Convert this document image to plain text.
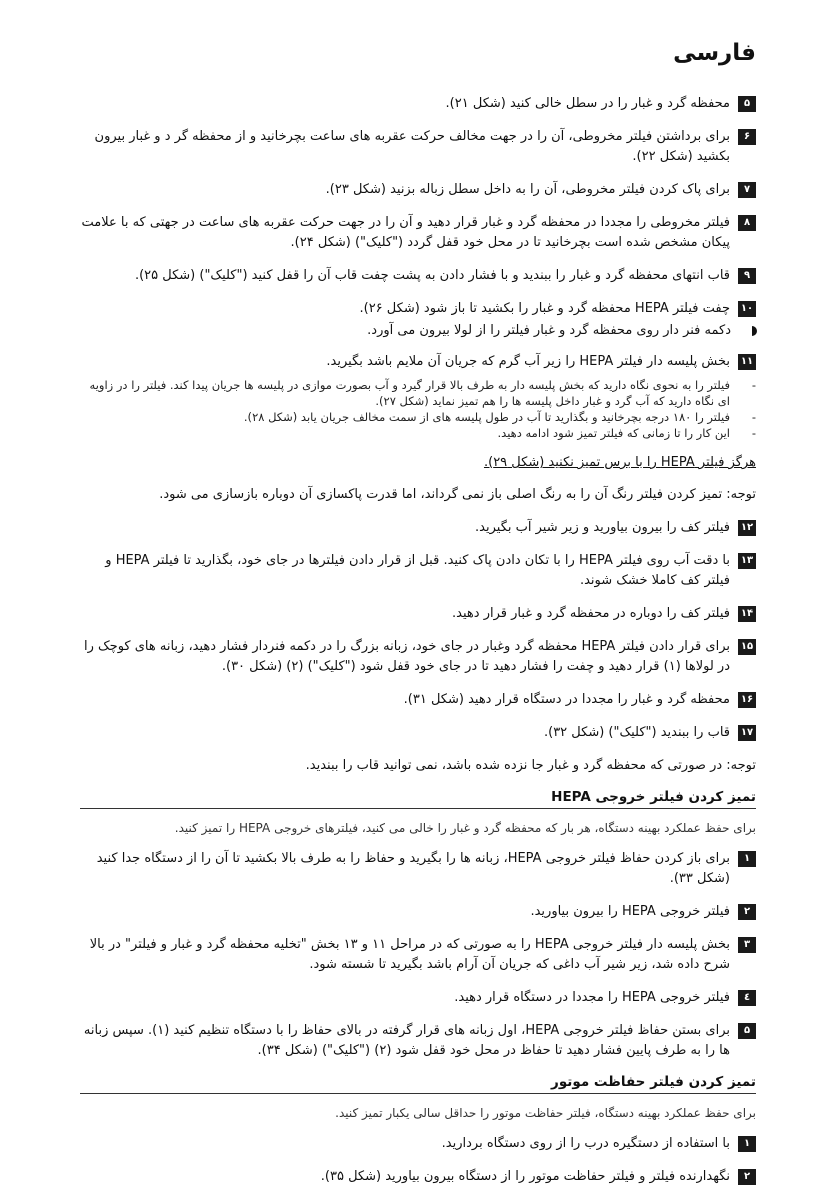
فارسی
۵
محفظه گرد و غبار را در سطل خالی کنید (شکل ۲۱).
۶
برای برداشتن فیلتر مخروطی، آن را در جهت مخالف حرکت عقربه های ساعت بچرخانید و از محفظه گر د و غبار بیرون بکشید (شکل ۲۲).
۷
برای پاک کردن فیلتر مخروطی، آن را به داخل سطل زباله بزنید (شکل ۲۳).
۸
فیلتر مخروطی را مجددا در محفظه گرد و غبار قرار دهید و آن را در جهت حرکت عقربه های ساعت در جهتی که با علامت پیکان مشخص شده است بچرخانید تا در محل خود قفل گردد ("کلیک") (شکل ۲۴).
۹
قاب انتهای محفظه گرد و غبار را ببندید و با فشار دادن به پشت چفت قاب آن را قفل کنید ("کلیک") (شکل ۲۵).
۱۰
چفت فیلتر HEPA محفظه گرد و غبار را بکشید تا باز شود (شکل ۲۶).
دکمه فنر دار روی محفظه گرد و غبار فیلتر را از لولا بیرون می آورد.
۱۱
بخش پلیسه دار فیلتر HEPA را زیر آب گرم که جریان آن ملایم باشد بگیرید.
-
فیلتر را به نحوی نگاه دارید که بخش پلیسه دار به طرف بالا قرار گیرد و آب بصورت موازی در پلیسه ها جریان پیدا کند. فیلتر را در زاویه ای نگاه دارید که آب گرد و غبار داخل پلیسه ها را هم تمیز نماید (شکل ۲۷).
-
فیلتر را ۱۸۰ درجه بچرخانید و بگذارید تا آب در طول پلیسه های از سمت مخالف جریان یابد (شکل ۲۸).
-
این کار را تا زمانی که فیلتر تمیز شود ادامه دهید.
هرگز فیلتر HEPA را با برس تمیز نکنید (شکل ۲۹).
توجه: تمیز کردن فیلتر رنگ آن را به رنگ اصلی باز نمی گرداند، اما قدرت پاکسازی آن دوباره بازسازی می شود.
۱۲
فیلتر کف را بیرون بیاورید و زیر شیر آب بگیرید.
۱۳
با دقت آب روی فیلتر HEPA را با تکان دادن پاک کنید. قبل از قرار دادن فیلترها در جای خود، بگذارید تا فیلتر HEPA و فیلتر کف کاملا خشک شوند.
۱۴
فیلتر کف را دوباره در محفظه گرد و غبار قرار دهید.
۱۵
برای قرار دادن فیلتر HEPA محفظه گرد وغبار در جای خود، زبانه بزرگ را در دکمه فنردار فشار دهید، زبانه های کوچک را در لولاها (۱) قرار دهید و چفت را فشار دهید تا در جای خود قفل شود ("کلیک") (۲) (شکل ۳۰).
۱۶
محفظه گرد و غبار را مجددا در دستگاه قرار دهید (شکل ۳۱).
۱۷
قاب را ببندید ("کلیک") (شکل ۳۲).
توجه: در صورتی که محفظه گرد و غبار جا نزده شده باشد، نمی توانید قاب را ببندید.
تمیز کردن فیلتر خروجی HEPA
برای حفظ عملکرد بهینه دستگاه، هر بار که محفظه گرد و غبار را خالی می کنید، فیلترهای خروجی HEPA را تمیز کنید.
۱
برای باز کردن حفاظ فیلتر خروجی HEPA، زبانه ها را بگیرید و حفاظ را به طرف بالا بکشید تا آن را از دستگاه جدا کنید (شکل ۳۳).
۲
فیلتر خروجی HEPA را بیرون بیاورید.
۳
بخش پلیسه دار فیلتر خروجی HEPA را به صورتی که در مراحل ۱۱ و ۱۳ بخش "تخلیه محفظه گرد و غبار و فیلتر" در بالا شرح داده شد، زیر شیر آب داغی که جریان آن آرام باشد بگیرید تا شسته شود.
٤
فیلتر خروجی HEPA را مجددا در دستگاه قرار دهید.
۵
برای بستن حفاظ فیلتر خروجی HEPA، اول زبانه های قرار گرفته در بالای حفاظ را با دستگاه تنظیم کنید (۱). سپس زبانه ها را به طرف پایین فشار دهید تا حفاظ در محل خود قفل شود (۲) ("کلیک") (شکل ۳۴).
تمیز کردن فیلتر حفاظت موتور
برای حفظ عملکرد بهینه دستگاه، فیلتر حفاظت موتور را حداقل سالی یکبار تمیز کنید.
۱
با استفاده از دستگیره درب را از روی دستگاه بردارید.
۲
نگهدارنده فیلتر و فیلتر حفاظت موتور را از دستگاه بیرون بیاورید (شکل ۳۵).
